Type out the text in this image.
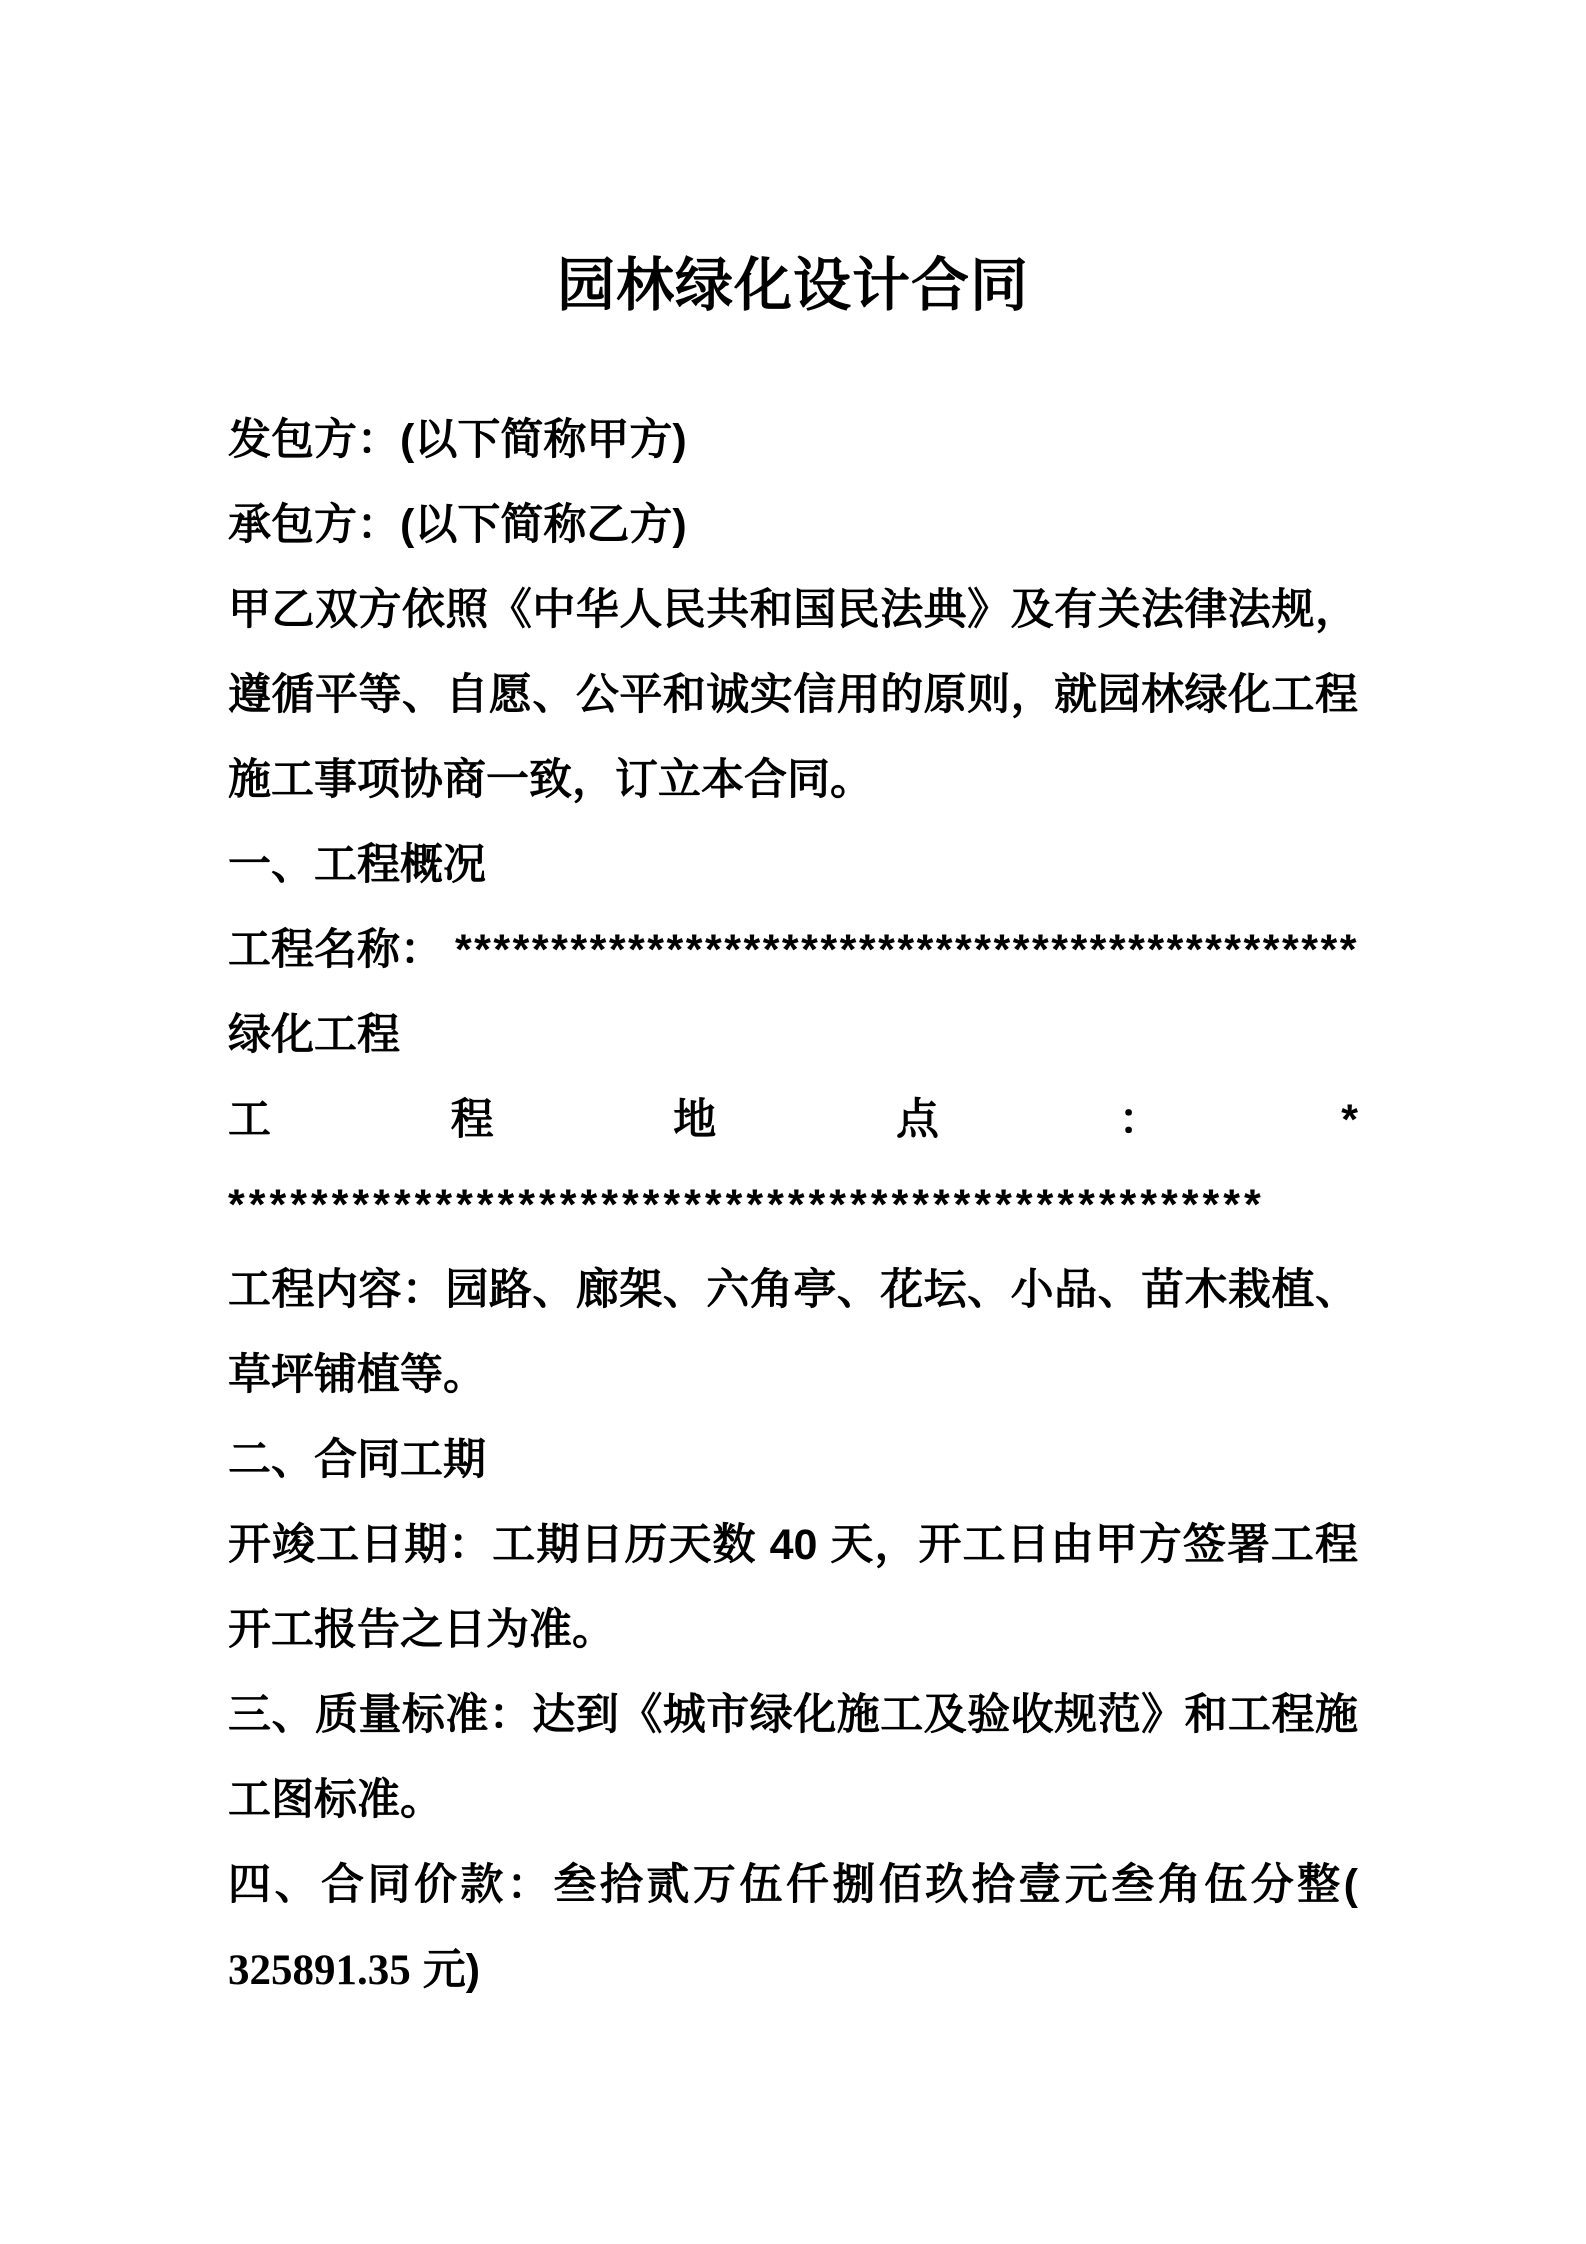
园林绿化设计合同
发包方：(以下简称甲方)
承包方：(以下简称乙方)
甲乙双方依照《中华人民共和国民法典》及有关法律法规，
遵循平等、自愿、公平和诚实信用的原则，就园林绿化工程
施工事项协商一致，订立本合同。
一、工程概况
工程名称： ***********************************************
绿化工程
工 程 地 点 ： *
**************************************************
工程内容：园路、廊架、六角亭、花坛、小品、苗木栽植、
草坪铺植等。
二、合同工期
开竣工日期：工期日历天数 40 天，开工日由甲方签署工程
开工报告之日为准。
三、质量标准：达到《城市绿化施工及验收规范》和工程施
工图标准。
四、合同价款：叁拾贰万伍仟捌佰玖拾壹元叁角伍分整(
325891.35 元)
